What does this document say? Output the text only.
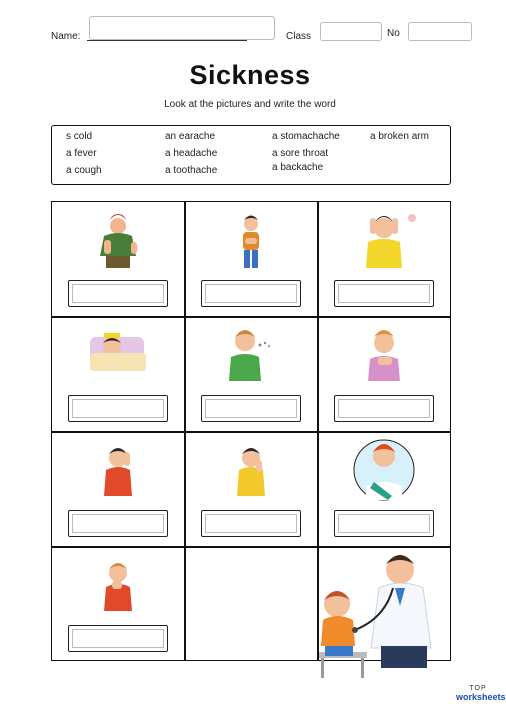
Name:	Class	No
Sickness
Look at the pictures and write the word
s cold
a fever
a cough
an earache
a headache
a toothache
a stomachache
a sore throat
a backache
a broken arm
TOP
worksheets
